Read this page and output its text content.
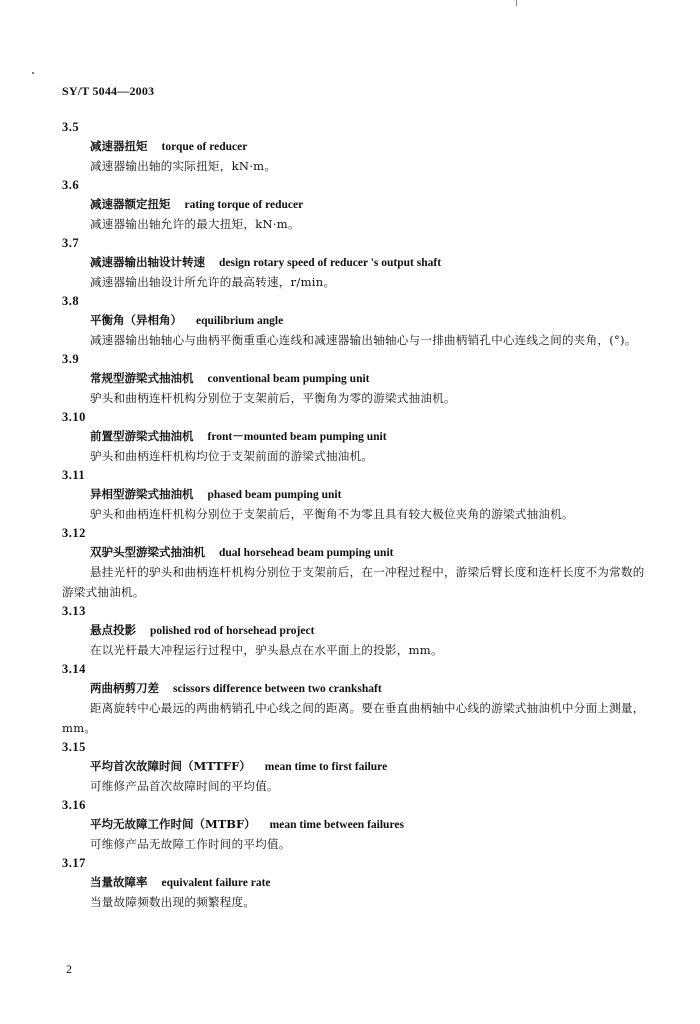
SY/T 5044—2003
3.5
减速器扭矩 torque of reducer
减速器输出轴的实际扭矩，kN·m。
3.6
减速器额定扭矩 rating torque of reducer
减速器输出轴允许的最大扭矩，kN·m。
3.7
减速器输出轴设计转速 design rotary speed of reducer 's output shaft
减速器输出轴设计所允许的最高转速，r/min。
3.8
平衡角（异相角） equilibrium angle
减速器输出轴轴心与曲柄平衡重重心连线和减速器输出轴轴心与一排曲柄销孔中心连线之间的夹角，(°)。
3.9
常规型游梁式抽油机 conventional beam pumping unit
驴头和曲柄连杆机构分别位于支架前后，平衡角为零的游梁式抽油机。
3.10
前置型游梁式抽油机 front－mounted beam pumping unit
驴头和曲柄连杆机构均位于支架前面的游梁式抽油机。
3.11
异相型游梁式抽油机 phased beam pumping unit
驴头和曲柄连杆机构分别位于支架前后，平衡角不为零且具有较大极位夹角的游梁式抽油机。
3.12
双驴头型游梁式抽油机 dual horsehead beam pumping unit
悬挂光杆的驴头和曲柄连杆机构分别位于支架前后，在一冲程过程中，游梁后臂长度和连杆长度不为常数的游梁式抽油机。
3.13
悬点投影 polished rod of horsehead project
在以光杆最大冲程运行过程中，驴头悬点在水平面上的投影，mm。
3.14
两曲柄剪刀差 scissors difference between two crankshaft
距离旋转中心最远的两曲柄销孔中心线之间的距离。要在垂直曲柄轴中心线的游梁式抽油机中分面上测量，mm。
3.15
平均首次故障时间（MTTFF） mean time to first failure
可维修产品首次故障时间的平均值。
3.16
平均无故障工作时间（MTBF） mean time between failures
可维修产品无故障工作时间的平均值。
3.17
当量故障率 equivalent failure rate
当量故障频数出现的频繁程度。
2
